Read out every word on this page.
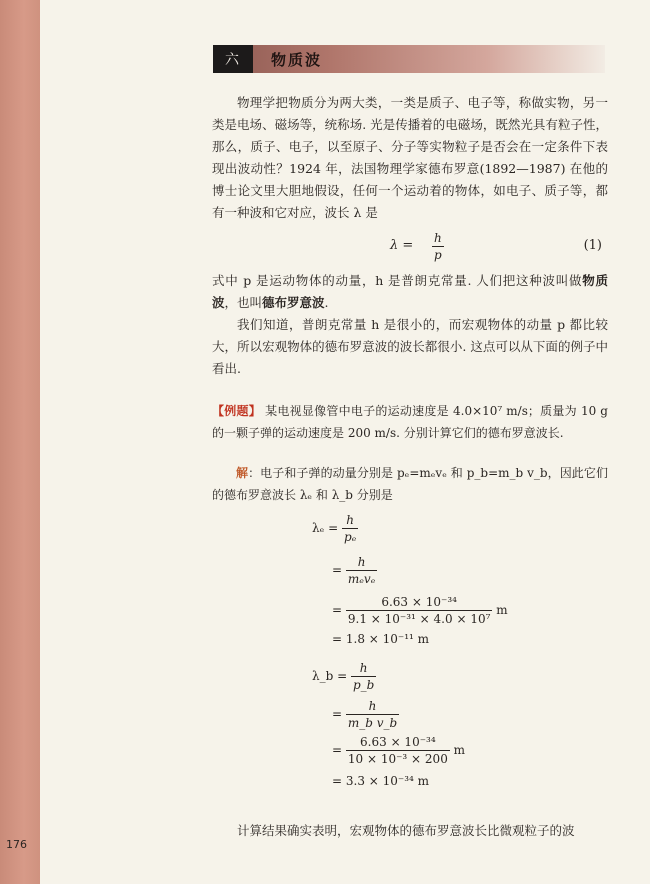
176
六	物质波

物理学把物质分为两大类，一类是质子、电子等，称做实物，另一类是电场、磁场等，统称场. 光是传播着的电磁场，既然光具有粒子性，那么，质子、电子，以至原子、分子等实物粒子是否会在一定条件下表现出波动性？1924 年，法国物理学家德布罗意(1892—1987) 在他的博士论文里大胆地假设，任何一个运动着的物体，如电子、质子等，都有一种波和它对应，波长 λ 是

$\lambda = \frac{h}{p}$	(1)

式中 p 是运动物体的动量，h 是普朗克常量. 人们把这种波叫做物质波，也叫德布罗意波.

我们知道，普朗克常量 h 是很小的，而宏观物体的动量 p 都比较大，所以宏观物体的德布罗意波的波长都很小. 这点可以从下面的例子中看出.

【例题】 某电视显像管中电子的运动速度是 4.0×10⁷ m/s；质量为 10 g 的一颗子弹的运动速度是 200 m/s. 分别计算它们的德布罗意波长.

解：电子和子弹的动量分别是 pₑ=mₑvₑ 和 p_b=m_b v_b，因此它们的德布罗意波长 λₑ 和 λ_b 分别是

$\lambda_e = \frac{h}{\text{pₑ}}$
= $\frac{h}{\text{mₑvₑ}}$
= $\frac{\text{6.63 × 10⁻³⁴}}{\text{9.1 × 10⁻³¹ × 4.0 × 10⁷}}$ m
= 1.8 × 10⁻¹¹ m
λ_b = $\frac{h}{p\_b}$
= $\frac{h}{\text{m\_b v\_b}}$
= $\frac{\text{6.63 × 10⁻³⁴}}{\text{10 × 10⁻³ × 200}}$ m
= 3.3 × 10⁻³⁴ m

计算结果确实表明，宏观物体的德布罗意波长比微观粒子的波
